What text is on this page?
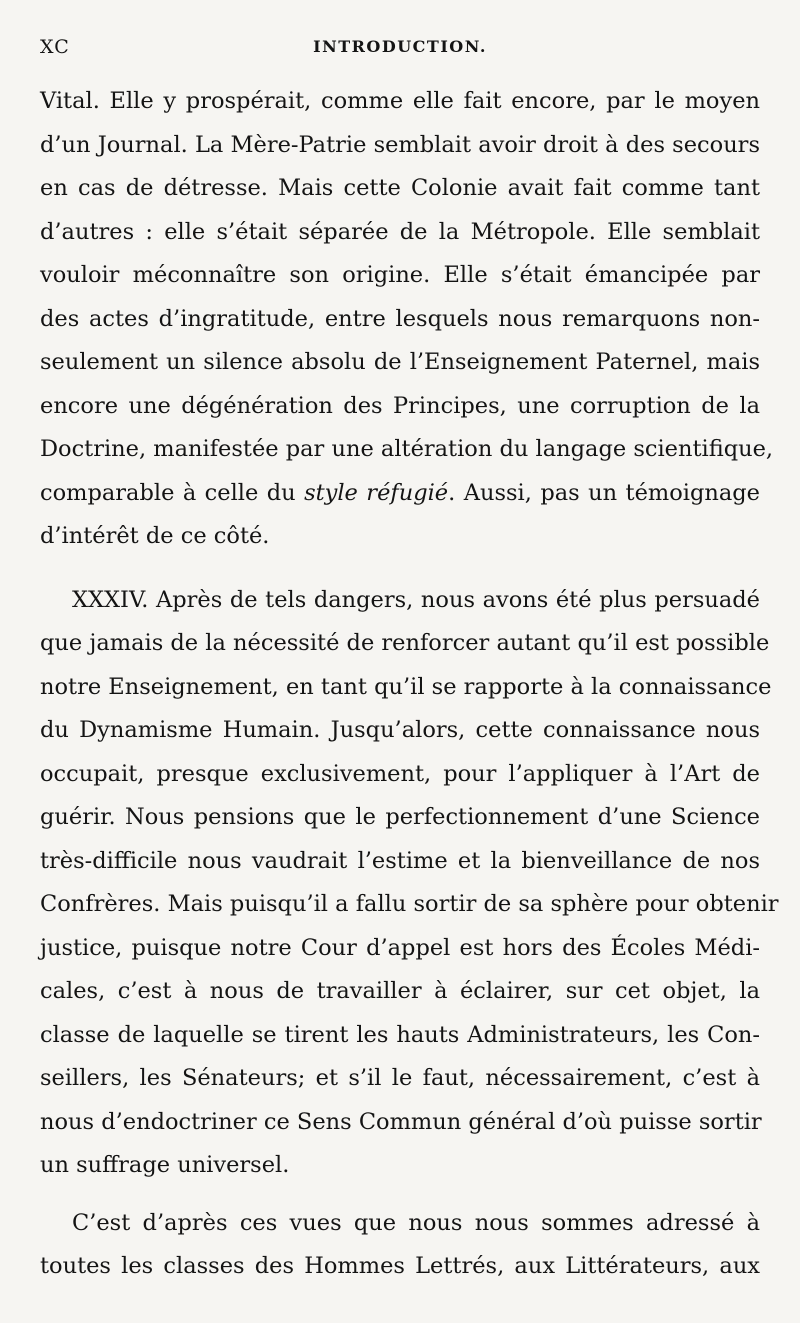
XC	INTRODUCTION.

Vital. Elle y prospérait, comme elle fait encore, par le moyen
d’un Journal. La Mère-Patrie semblait avoir droit à des secours
en cas de détresse. Mais cette Colonie avait fait comme tant
d’autres : elle s’était séparée de la Métropole. Elle semblait
vouloir méconnaître son origine. Elle s’était émancipée par
des actes d’ingratitude, entre lesquels nous remarquons non-
seulement un silence absolu de l’Enseignement Paternel, mais
encore une dégénération des Principes, une corruption de la
Doctrine, manifestée par une altération du langage scientifique,
comparable à celle du style réfugié. Aussi, pas un témoignage
d’intérêt de ce côté.

XXXIV. Après de tels dangers, nous avons été plus persuadé
que jamais de la nécessité de renforcer autant qu’il est possible
notre Enseignement, en tant qu’il se rapporte à la connaissance
du Dynamisme Humain. Jusqu’alors, cette connaissance nous
occupait, presque exclusivement, pour l’appliquer à l’Art de
guérir. Nous pensions que le perfectionnement d’une Science
très-difficile nous vaudrait l’estime et la bienveillance de nos
Confrères. Mais puisqu’il a fallu sortir de sa sphère pour obtenir
justice, puisque notre Cour d’appel est hors des Écoles Médi-
cales, c’est à nous de travailler à éclairer, sur cet objet, la
classe de laquelle se tirent les hauts Administrateurs, les Con-
seillers, les Sénateurs; et s’il le faut, nécessairement, c’est à
nous d’endoctriner ce Sens Commun général d’où puisse sortir
un suffrage universel.

C’est d’après ces vues que nous nous sommes adressé à
toutes les classes des Hommes Lettrés, aux Littérateurs, aux
